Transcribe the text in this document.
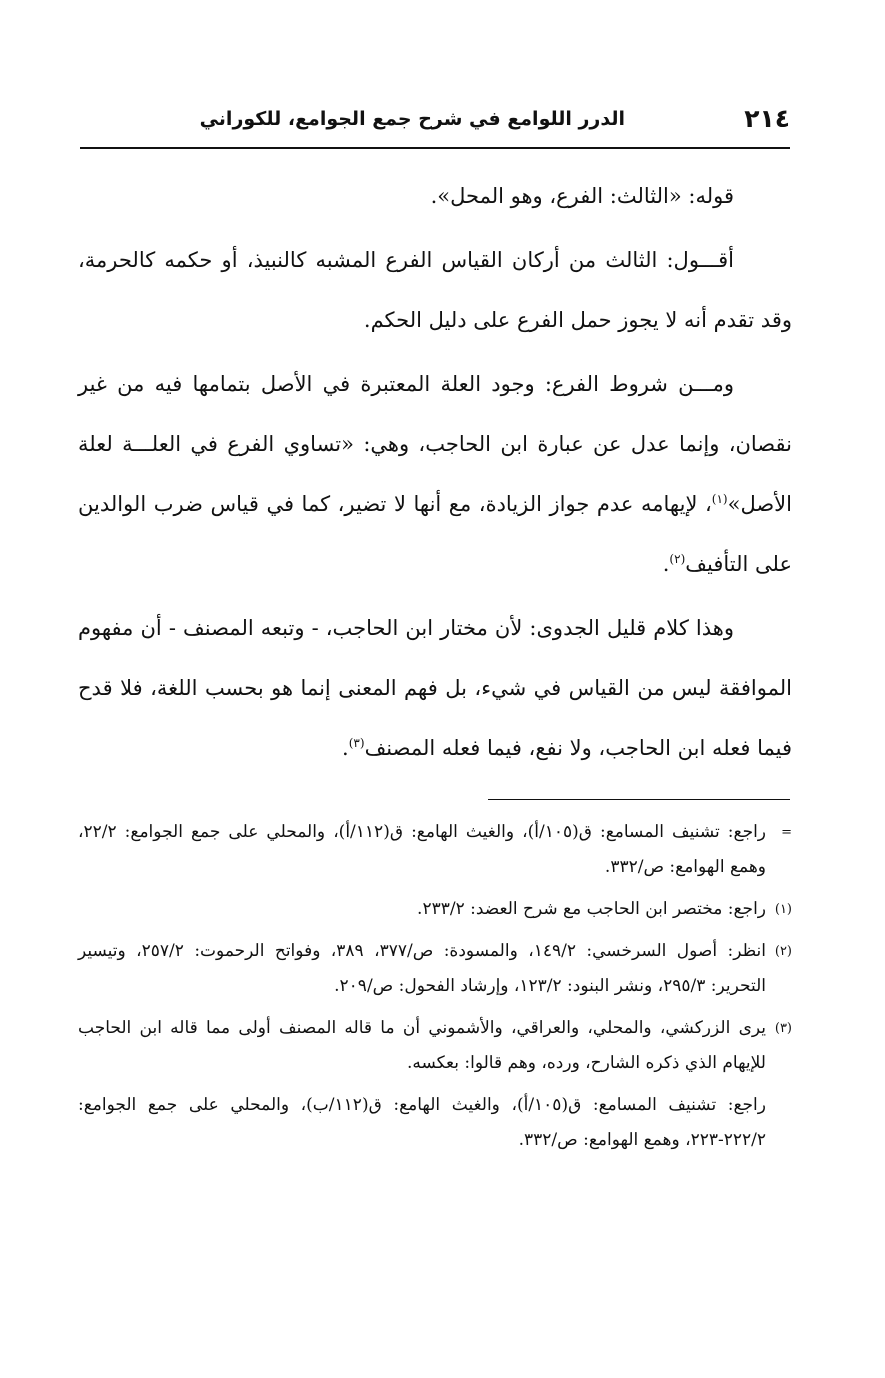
٢١٤
الدرر اللوامع في شرح جمع الجوامع، للكوراني

قوله: «الثالث: الفرع، وهو المحل».

أقـــول: الثالث من أركان القياس الفرع المشبه كالنبيذ، أو حكمه كالحرمة، وقد تقدم أنه لا يجوز حمل الفرع على دليل الحكم.

ومـــن شروط الفرع: وجود العلة المعتبرة في الأصل بتمامها فيه من غير نقصان، وإنما عدل عن عبارة ابن الحاجب، وهي: «تساوي الفرع في العلـــة لعلة الأصل»$^{(١)}$، لإيهامه عدم جواز الزيادة، مع أنها لا تضير، كما في قياس ضرب الوالدين على التأفيف$^{(٢)}$.

وهذا كلام قليل الجدوى: لأن مختار ابن الحاجب، - وتبعه المصنف - أن مفهوم الموافقة ليس من القياس في شيء، بل فهم المعنى إنما هو بحسب اللغة، فلا قدح فيما فعله ابن الحاجب، ولا نفع، فيما فعله المصنف$^{(٣)}$.

=
راجع: تشنيف المسامع: ق(١٠٥/أ)، والغيث الهامع: ق(١١٢/أ)، والمحلي على جمع الجوامع: ٢٢/٢، وهمع الهوامع: ص/٣٣٢.
(١)
راجع: مختصر ابن الحاجب مع شرح العضد: ٢٣٣/٢.
(٢)
انظر: أصول السرخسي: ١٤٩/٢، والمسودة: ص/٣٧٧، ٣٨٩، وفواتح الرحموت: ٢٥٧/٢، وتيسير التحرير: ٢٩٥/٣، ونشر البنود: ١٢٣/٢، وإرشاد الفحول: ص/٢٠٩.
(٣)
يرى الزركشي، والمحلي، والعراقي، والأشموني أن ما قاله المصنف أولى مما قاله ابن الحاجب للإيهام الذي ذكره الشارح، ورده، وهم قالوا: بعكسه.
راجع: تشنيف المسامع: ق(١٠٥/أ)، والغيث الهامع: ق(١١٢/ب)، والمحلي على جمع الجوامع: ٢٢٢/٢-٢٢٣، وهمع الهوامع: ص/٣٣٢.
